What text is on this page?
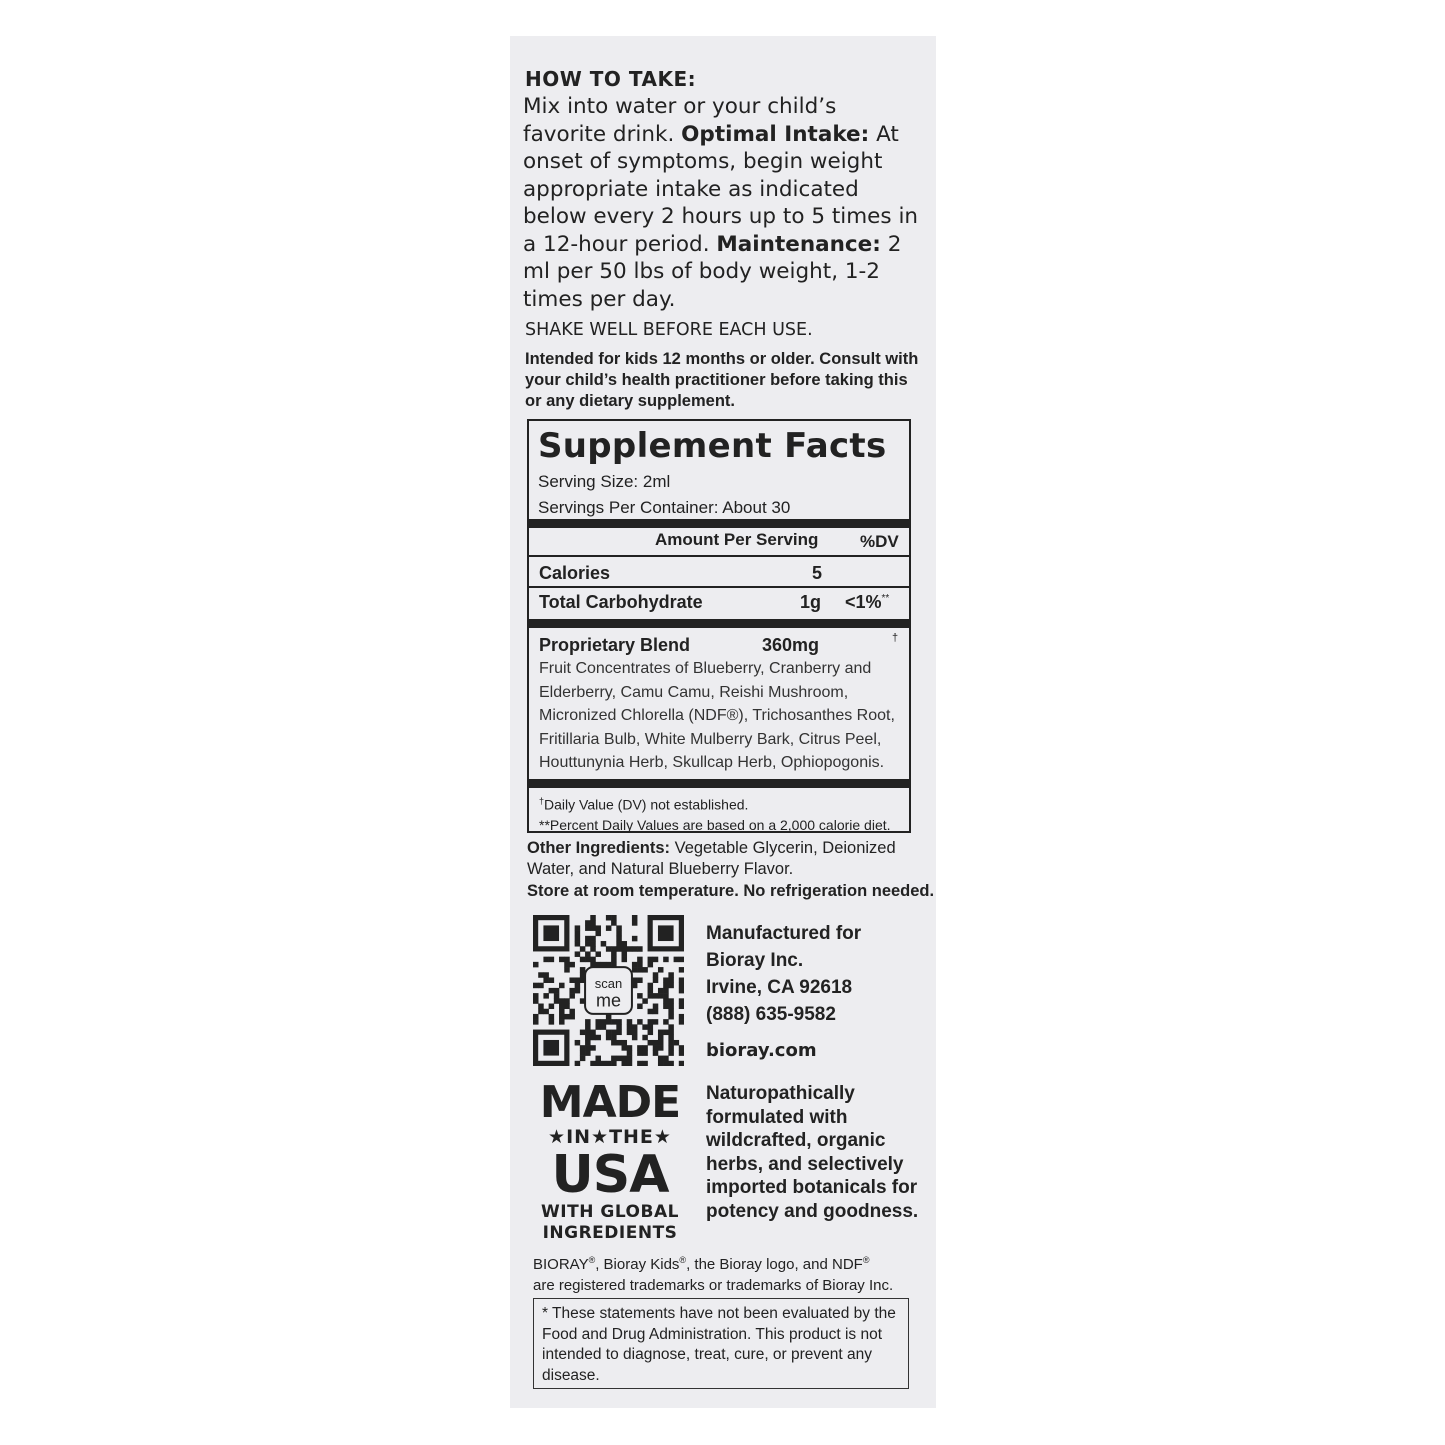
HOW TO TAKE:
Mix into water or your child’s favorite drink. Optimal Intake: At onset of symptoms, begin weight appropriate intake as indicated below every 2 hours up to 5 times in a 12-hour period. Maintenance: 2 ml per 50 lbs of body weight, 1-2 times per day.
SHAKE WELL BEFORE EACH USE.
Intended for kids 12 months or older. Consult with your child’s health practitioner before taking this or any dietary supplement.
Supplement Facts
Serving Size: 2ml
Servings Per Container: About 30
Amount Per Serving %DV
Calories	5
Total Carbohydrate	1g <1%**
Proprietary Blend	360mg	†
Fruit Concentrates of Blueberry, Cranberry and Elderberry, Camu Camu, Reishi Mushroom, Micronized Chlorella (NDF®), Trichosanthes Root, Fritillaria Bulb, White Mulberry Bark, Citrus Peel, Houttunynia Herb, Skullcap Herb, Ophiopogonis.
†Daily Value (DV) not established.
**Percent Daily Values are based on a 2,000 calorie diet.
Other Ingredients: Vegetable Glycerin, Deionized Water, and Natural Blueberry Flavor.
Store at room temperature. No refrigeration needed.
scan
me
Manufactured for
Bioray Inc.
Irvine, CA 92618
(888) 635-9582
bioray.com
MADE
★IN★THE★
USA
WITH GLOBAL
INGREDIENTS
Naturopathically formulated with wildcrafted, organic herbs, and selectively imported botanicals for potency and goodness.
BIORAY®, Bioray Kids®, the Bioray logo, and NDF®
are registered trademarks or trademarks of Bioray Inc.
* These statements have not been evaluated by the Food and Drug Administration. This product is not intended to diagnose, treat, cure, or prevent any disease.
